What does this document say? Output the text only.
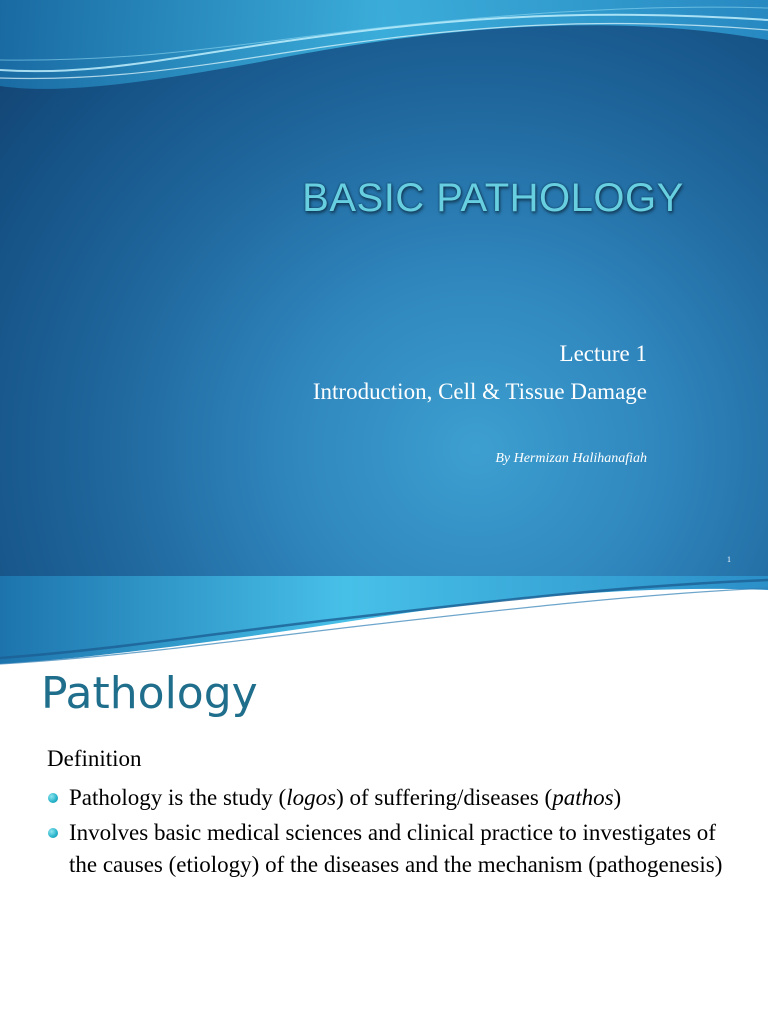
BASIC PATHOLOGY
Lecture 1
Introduction, Cell & Tissue Damage
By Hermizan Halihanafiah
1
Pathology
Definition
Pathology is the study (logos) of suffering/diseases (pathos)
Involves basic medical sciences and clinical practice to investigates of the causes (etiology) of the diseases and the mechanism (pathogenesis)
